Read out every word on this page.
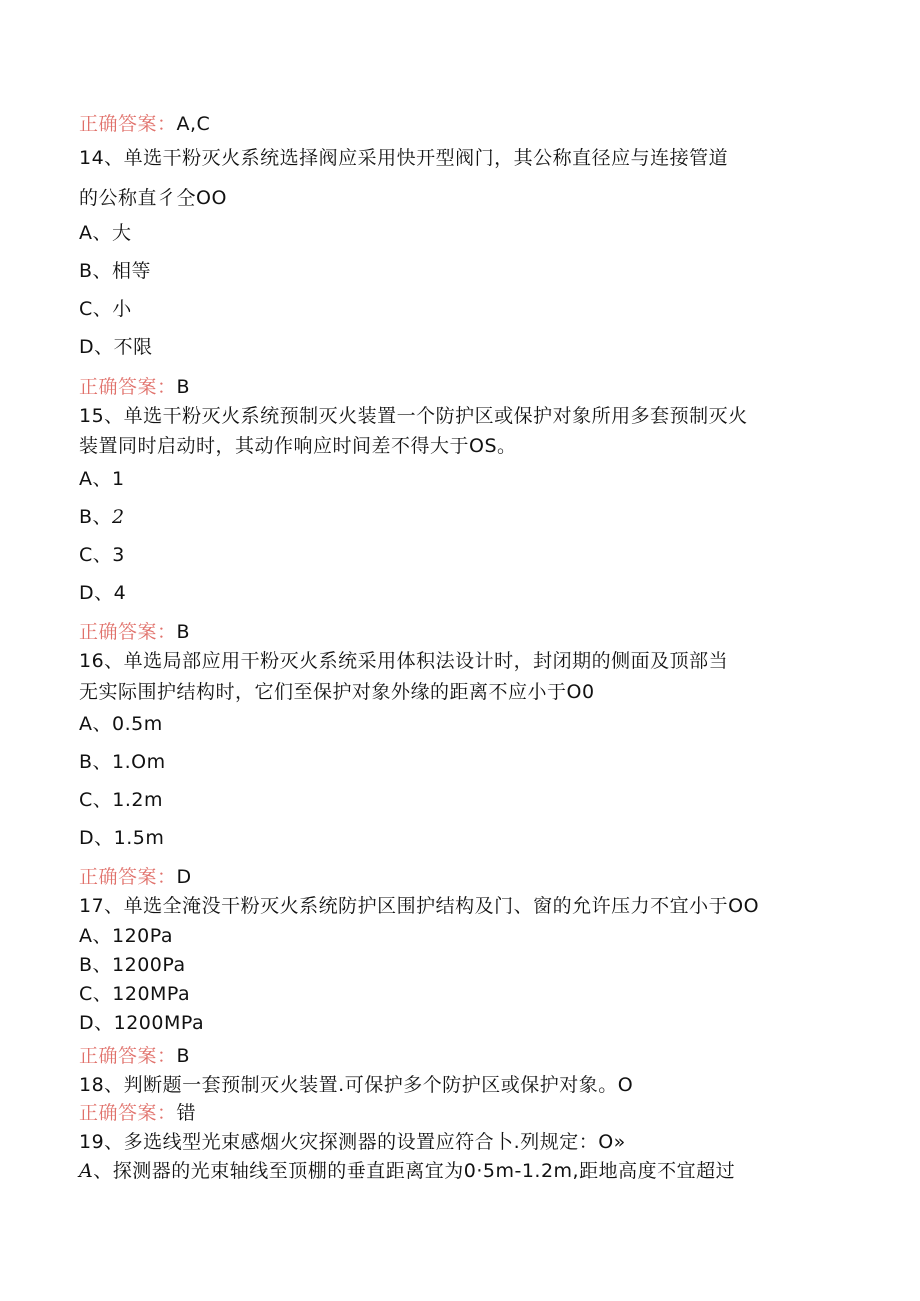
正确答案：A,C
14、单选干粉灭火系统选择阀应采用快开型阀门，其公称直径应与连接管道
的公称直彳仝OO
A、大
B、相等
C、小
D、不限
正确答案：B
15、单选干粉灭火系统预制灭火装置一个防护区或保护对象所用多套预制灭火
装置同时启动时，其动作响应时间差不得大于OS。
A、1
B、2
C、3
D、4
正确答案：B
16、单选局部应用干粉灭火系统采用体积法设计时，封闭期的侧面及顶部当
无实际围护结构时，它们至保护对象外缘的距离不应小于O0
A、0.5m
B、1.Om
C、1.2m
D、1.5m
正确答案：D
17、单选全淹没干粉灭火系统防护区围护结构及门、窗的允许压力不宜小于OO
A、120Pa
B、1200Pa
C、120MPa
D、1200MPa
正确答案：B
18、判断题一套预制灭火装置.可保护多个防护区或保护对象。O
正确答案：错
19、多选线型光束感烟火灾探测器的设置应符合卜.列规定：O»
A、探测器的光束轴线至顶棚的垂直距离宜为0·5m-1.2m,距地高度不宜超过
